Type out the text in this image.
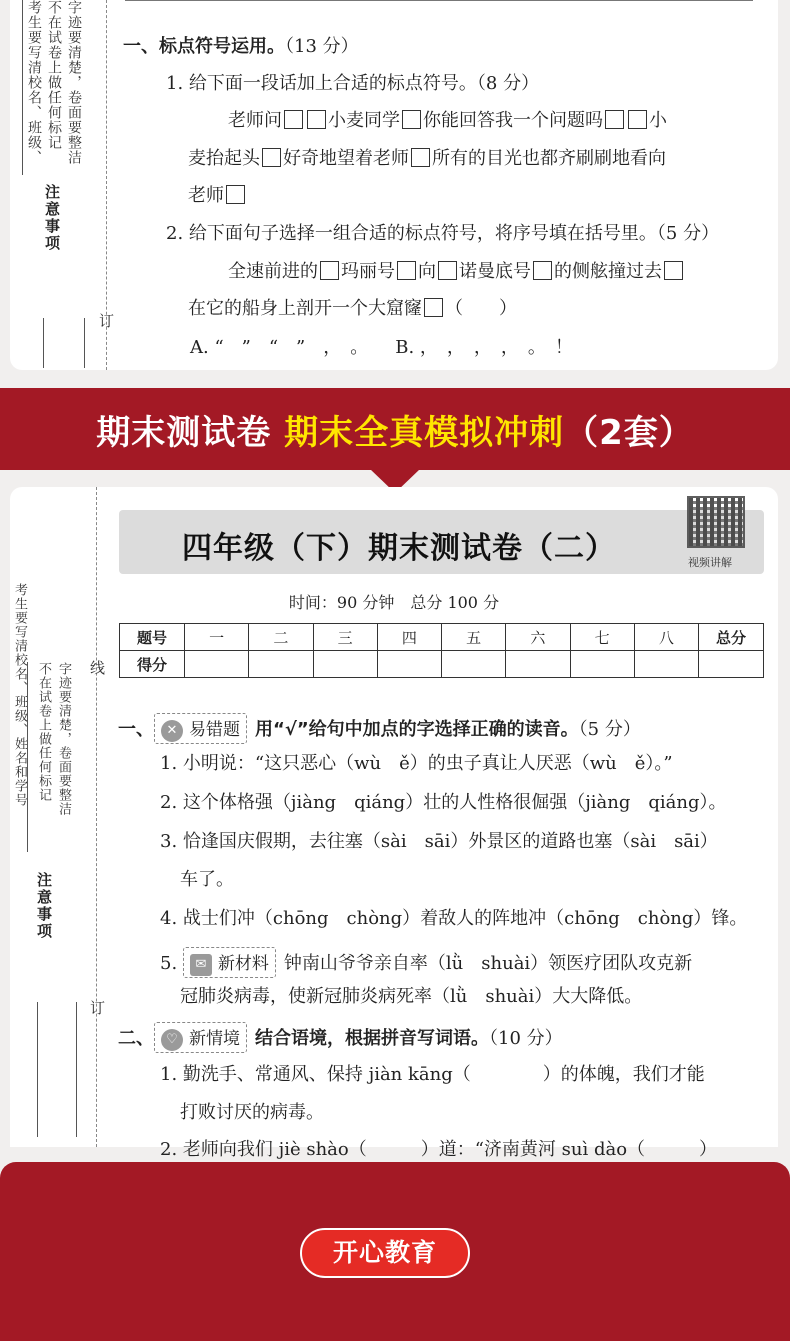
考生要写清校名、班级、 不在试卷上做任何标记 字迹要清楚，卷面要整洁
注意事项
订
一、标点符号运用。（13 分）
1. 给下面一段话加上合适的标点符号。（8 分）
老师问	小麦同学 你能回答我一个问题吗	小
麦抬起头 好奇地望着老师 所有的目光也都齐刷刷地看向
老师
2. 给下面句子选择一组合适的标点符号，将序号填在括号里。（5 分）
全速前进的 玛丽号 向 诺曼底号 的侧舷撞过去
在它的船身上剖开一个大窟窿 （　　）
A. “　”　“　”　，　。　　B. ，　，　，　，　。　！
期末测试卷 期末全真模拟冲刺（2套）
四年级（下）期末测试卷（二）	视频讲解
时间：90 分钟　总分 100 分
考生要写清校名、班级、姓名和学号 不在试卷上做任何标记 字迹要清楚，卷面要整洁
注意事项
线
订
题号	一	二	三	四	五	六	七	八	总分
得分									
一、 ✕ 易错题 用“√”给句中加点的字选择正确的读音。（5 分）
1. 小明说：“这只恶心（wù　ě）的虫子真让人厌恶（wù　ě）。”
2. 这个体格强（jiàng　qiáng）壮的人性格很倔强（jiàng　qiáng）。
3. 恰逢国庆假期，去往塞（sài　sāi）外景区的道路也塞（sài　sāi）
车了。
4. 战士们冲（chōng　chòng）着敌人的阵地冲（chōng　chòng）锋。
5. ✉ 新材料 钟南山爷爷亲自率（lǜ　shuài）领医疗团队攻克新
冠肺炎病毒，使新冠肺炎病死率（lǜ　shuài）大大降低。
二、 ♡ 新情境 结合语境，根据拼音写词语。（10 分）
1. 勤洗手、常通风、保持 jiàn kāng（　　　　）的体魄，我们才能
打败讨厌的病毒。
2. 老师向我们 jiè shào（　　　）道：“济南黄河 suì dào（　　　）
开心教育
